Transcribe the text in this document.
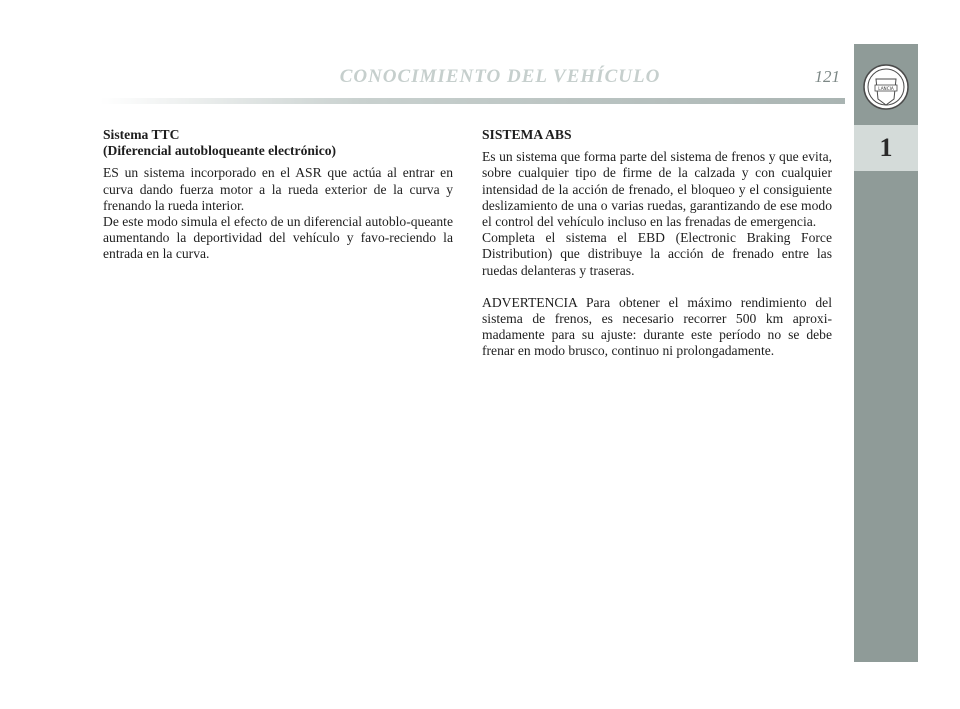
CONOCIMIENTO DEL VEHÍCULO	121
LANCIA
1

Sistema TTC

(Diferencial autobloqueante electrónico)

ES un sistema incorporado en el ASR que actúa al entrar en curva dando fuerza motor a la rueda exterior de la curva y frenando la rueda interior.

De este modo simula el efecto de un diferencial autoblo-queante aumentando la deportividad del vehículo y favo-reciendo la entrada en la curva.

SISTEMA ABS

Es un sistema que forma parte del sistema de frenos y que evita, sobre cualquier tipo de firme de la calzada y con cualquier intensidad de la acción de frenado, el bloqueo y el consiguiente deslizamiento de una o varias ruedas, garantizando de ese modo el control del vehículo incluso en las frenadas de emergencia.

Completa el sistema el EBD (Electronic Braking Force Distribution) que distribuye la acción de frenado entre las ruedas delanteras y traseras.

ADVERTENCIA Para obtener el máximo rendimiento del sistema de frenos, es necesario recorrer 500 km aproxi-madamente para su ajuste: durante este período no se debe frenar en modo brusco, continuo ni prolongadamente.
